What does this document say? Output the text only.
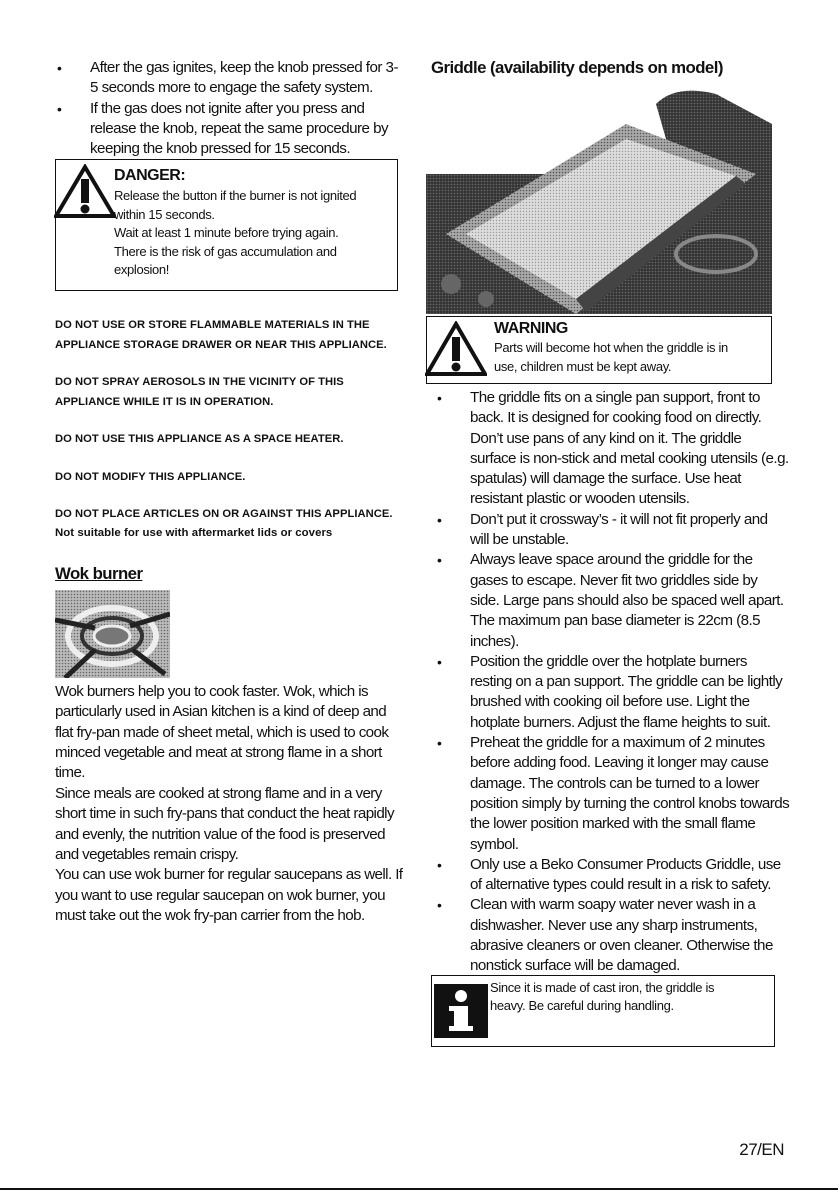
• After the gas ignites, keep the knob pressed for 3-5 seconds more to engage the safety system.
• If the gas does not ignite after you press and release the knob, repeat the same procedure by keeping the knob pressed for 15 seconds.
DANGER:
Release the button if the burner is not ignited
within 15 seconds.
Wait at least 1 minute before trying again.
There is the risk of gas accumulation and
explosion!

DO NOT USE OR STORE FLAMMABLE MATERIALS IN THE APPLIANCE STORAGE DRAWER OR NEAR THIS APPLIANCE.

DO NOT SPRAY AEROSOLS IN THE VICINITY OF THIS APPLIANCE WHILE IT IS IN OPERATION.

DO NOT USE THIS APPLIANCE AS A SPACE HEATER.

DO NOT MODIFY THIS APPLIANCE.

DO NOT PLACE ARTICLES ON OR AGAINST THIS APPLIANCE.

Not suitable for use with aftermarket lids or covers

Wok burner

Wok burners help you to cook faster. Wok, which is particularly used in Asian kitchen is a kind of deep and flat fry-pan made of sheet metal, which is used to cook minced vegetable and meat at strong flame in a short time.

Since meals are cooked at strong flame and in a very short time in such fry-pans that conduct the heat rapidly and evenly, the nutrition value of the food is preserved and vegetables remain crispy.

You can use wok burner for regular saucepans as well. If you want to use regular saucepan on wok burner, you must take out the wok fry-pan carrier from the hob.

Griddle (availability depends on model)

WARNING
Parts will become hot when the griddle is in
use, children must be kept away.
• The griddle fits on a single pan support, front to back. It is designed for cooking food on directly. Don’t use pans of any kind on it. The griddle surface is non-stick and metal cooking utensils (e.g. spatulas) will damage the surface. Use heat resistant plastic or wooden utensils.
• Don’t put it crossway’s - it will not fit properly and will be unstable.
• Always leave space around the griddle for the gases to escape. Never fit two griddles side by side. Large pans should also be spaced well apart. The maximum pan base diameter is 22cm (8.5 inches).
• Position the griddle over the hotplate burners resting on a pan support. The griddle can be lightly brushed with cooking oil before use. Light the hotplate burners. Adjust the flame heights to suit.
• Preheat the griddle for a maximum of 2 minutes before adding food. Leaving it longer may cause damage. The controls can be turned to a lower position simply by turning the control knobs towards the lower position marked with the small flame symbol.
• Only use a Beko Consumer Products Griddle, use of alternative types could result in a risk to safety.
• Clean with warm soapy water never wash in a dishwasher. Never use any sharp instruments, abrasive cleaners or oven cleaner. Otherwise the nonstick surface will be damaged.
Since it is made of cast iron, the griddle is
heavy. Be careful during handling.
27/EN
